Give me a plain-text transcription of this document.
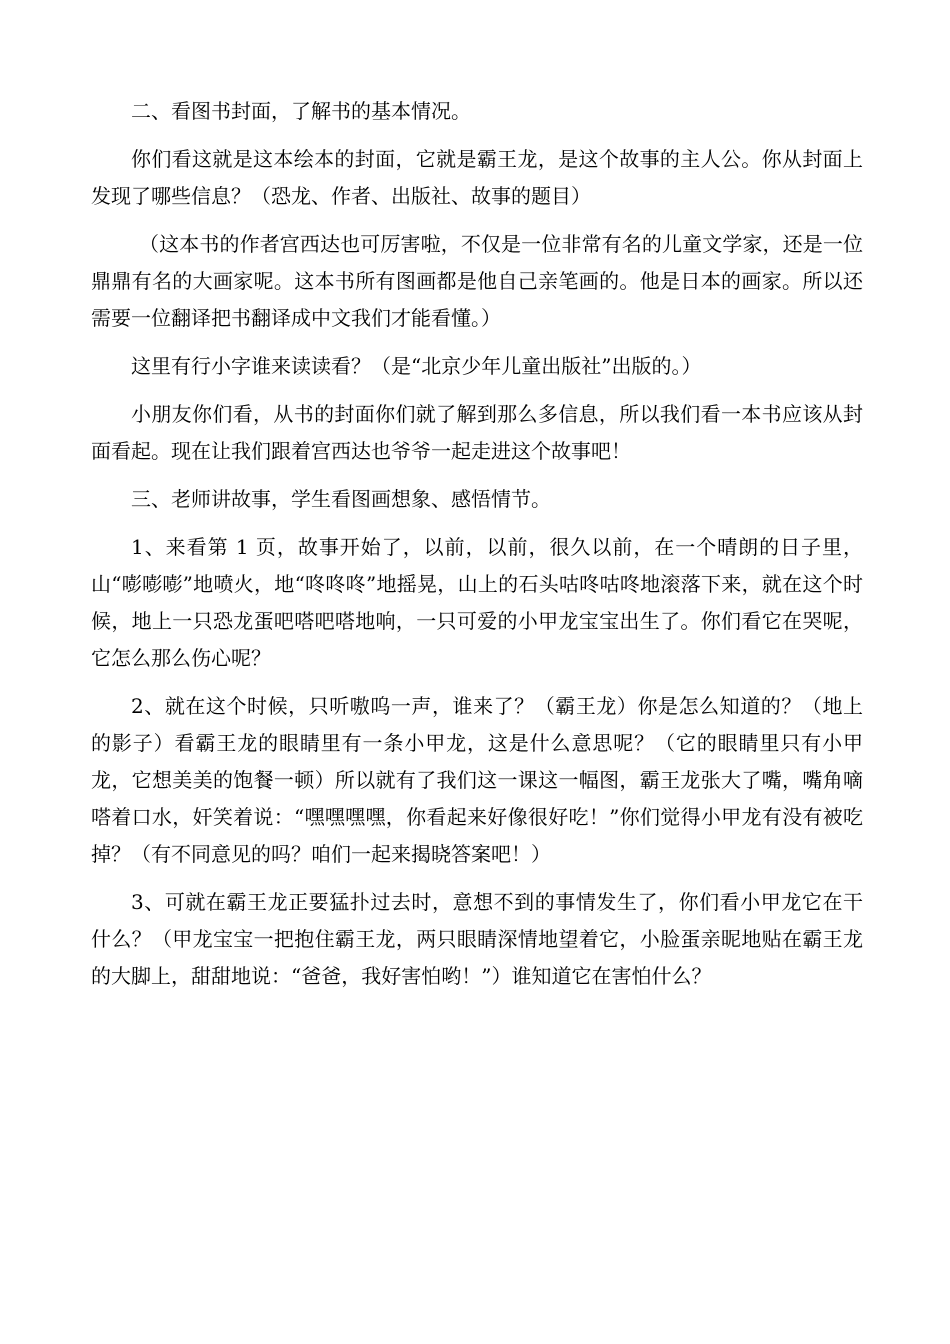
二、看图书封面，了解书的基本情况。

你们看这就是这本绘本的封面，它就是霸王龙，是这个故事的主人公。你从封面上发现了哪些信息？（恐龙、作者、出版社、故事的题目）

（这本书的作者宫西达也可厉害啦，不仅是一位非常有名的儿童文学家，还是一位鼎鼎有名的大画家呢。这本书所有图画都是他自己亲笔画的。他是日本的画家。所以还需要一位翻译把书翻译成中文我们才能看懂。）

这里有行小字谁来读读看？（是“北京少年儿童出版社”出版的。）

小朋友你们看，从书的封面你们就了解到那么多信息，所以我们看一本书应该从封面看起。现在让我们跟着宫西达也爷爷一起走进这个故事吧！

三、老师讲故事，学生看图画想象、感悟情节。

1、来看第 1 页，故事开始了，以前，以前，很久以前，在一个晴朗的日子里，山“嘭嘭嘭”地喷火，地“咚咚咚”地摇晃，山上的石头咕咚咕咚地滚落下来，就在这个时候，地上一只恐龙蛋吧嗒吧嗒地响，一只可爱的小甲龙宝宝出生了。你们看它在哭呢，它怎么那么伤心呢？

2、就在这个时候，只听嗷呜一声，谁来了？（霸王龙）你是怎么知道的？（地上的影子）看霸王龙的眼睛里有一条小甲龙，这是什么意思呢？（它的眼睛里只有小甲龙，它想美美的饱餐一顿）所以就有了我们这一课这一幅图，霸王龙张大了嘴，嘴角嘀嗒着口水，奸笑着说：“嘿嘿嘿嘿，你看起来好像很好吃！”你们觉得小甲龙有没有被吃掉？（有不同意见的吗？咱们一起来揭晓答案吧！）

3、可就在霸王龙正要猛扑过去时，意想不到的事情发生了，你们看小甲龙它在干什么？（甲龙宝宝一把抱住霸王龙，两只眼睛深情地望着它，小脸蛋亲昵地贴在霸王龙的大脚上，甜甜地说：“爸爸，我好害怕哟！”）谁知道它在害怕什么？
